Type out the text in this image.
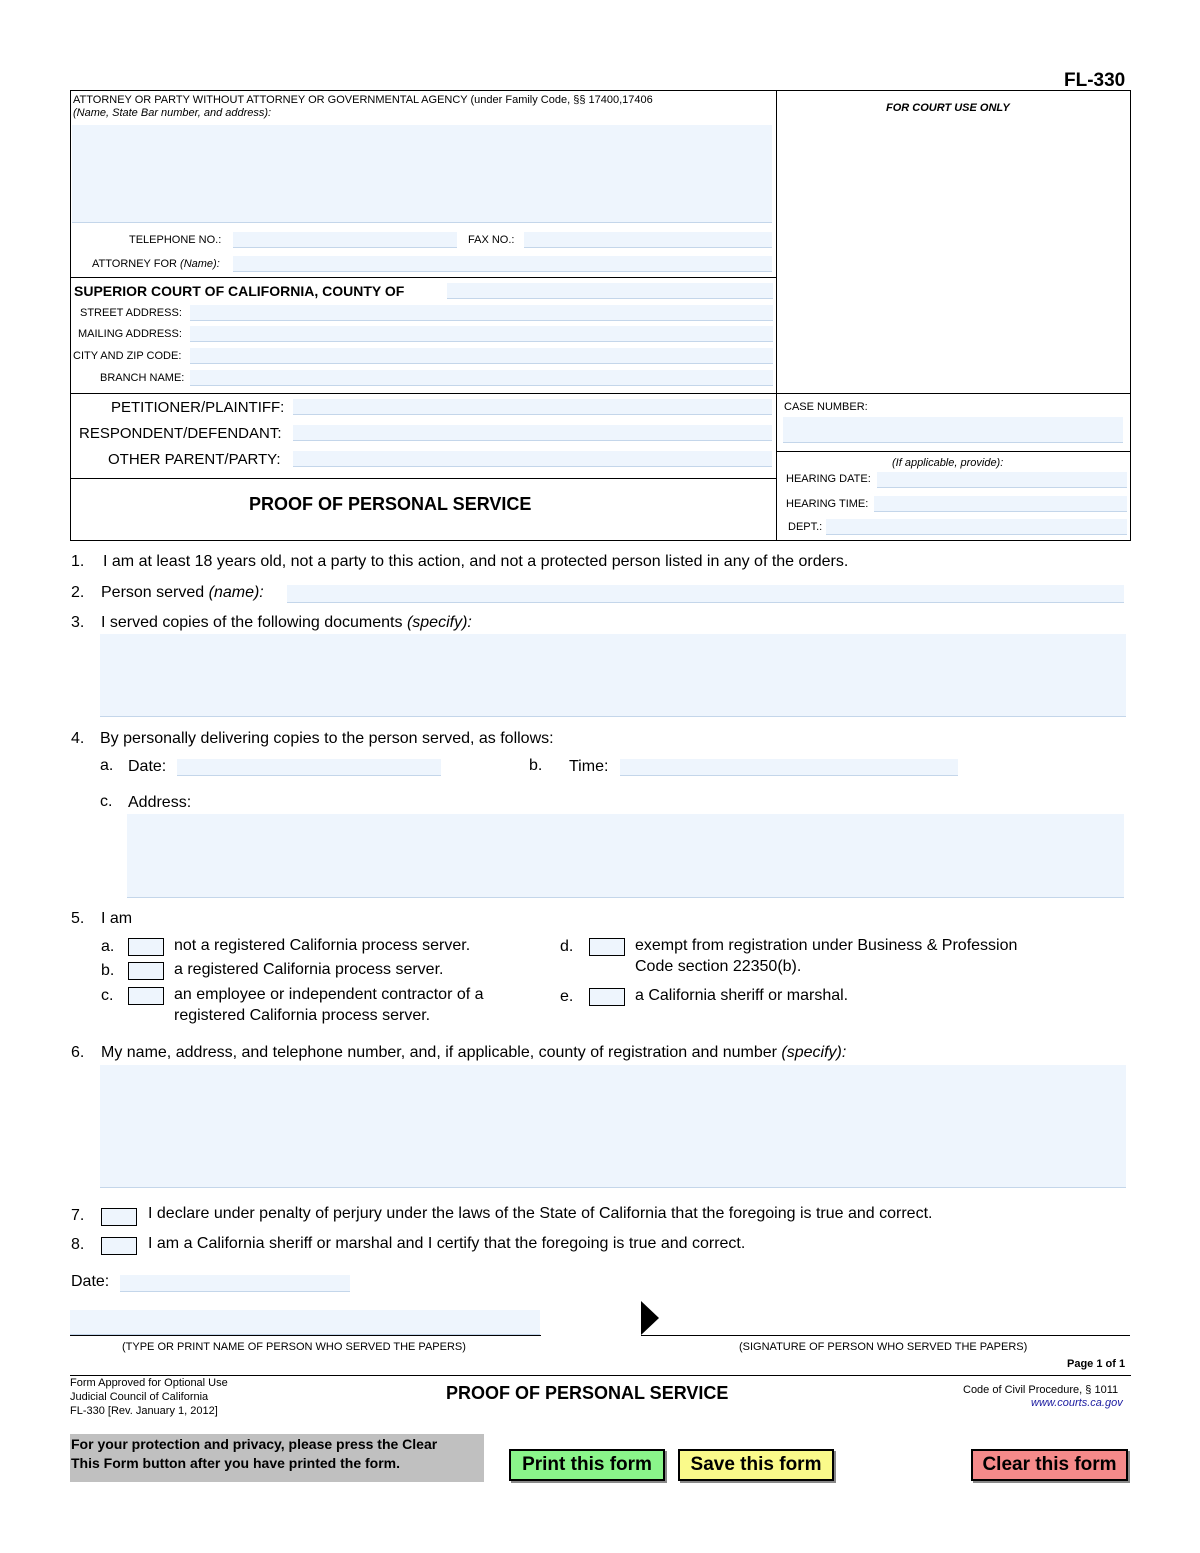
FL-330
ATTORNEY OR PARTY WITHOUT ATTORNEY OR GOVERNMENTAL AGENCY (under Family Code, §§ 17400,17406
(Name, State Bar number, and address):
TELEPHONE NO.:	FAX NO.:
ATTORNEY FOR (Name):
FOR COURT USE ONLY
SUPERIOR COURT OF CALIFORNIA, COUNTY OF
STREET ADDRESS:
MAILING ADDRESS:
CITY AND ZIP CODE:
BRANCH NAME:
PETITIONER/PLAINTIFF:
RESPONDENT/DEFENDANT:
OTHER PARENT/PARTY:
CASE NUMBER:
(If applicable, provide):
HEARING DATE:
HEARING TIME:
DEPT.:
PROOF OF PERSONAL SERVICE
1. I am at least 18 years old, not a party to this action, and not a protected person listed in any of the orders.
2. Person served (name):
3. I served copies of the following documents (specify):
4. By personally delivering copies to the person served, as follows:
a. Date:	b. Time:
c. Address:
5. I am
a.	not a registered California process server.
b.	a registered California process server.
c.	an employee or independent contractor of a
registered California process server.
d.	exempt from registration under Business & Profession
Code section 22350(b).
e.	a California sheriff or marshal.
6. My name, address, and telephone number, and, if applicable, county of registration and number (specify):
7.	I declare under penalty of perjury under the laws of the State of California that the foregoing is true and correct.
8.	I am a California sheriff or marshal and I certify that the foregoing is true and correct.
Date:
(TYPE OR PRINT NAME OF PERSON WHO SERVED THE PAPERS)	(SIGNATURE OF PERSON WHO SERVED THE PAPERS)
Page 1 of 1
Form Approved for Optional Use
Judicial Council of California
FL-330 [Rev. January 1, 2012]
PROOF OF PERSONAL SERVICE	Code of Civil Procedure, § 1011
www.courts.ca.gov
For your protection and privacy, please press the Clear
This Form button after you have printed the form.	Print this form	Save this form	Clear this form
